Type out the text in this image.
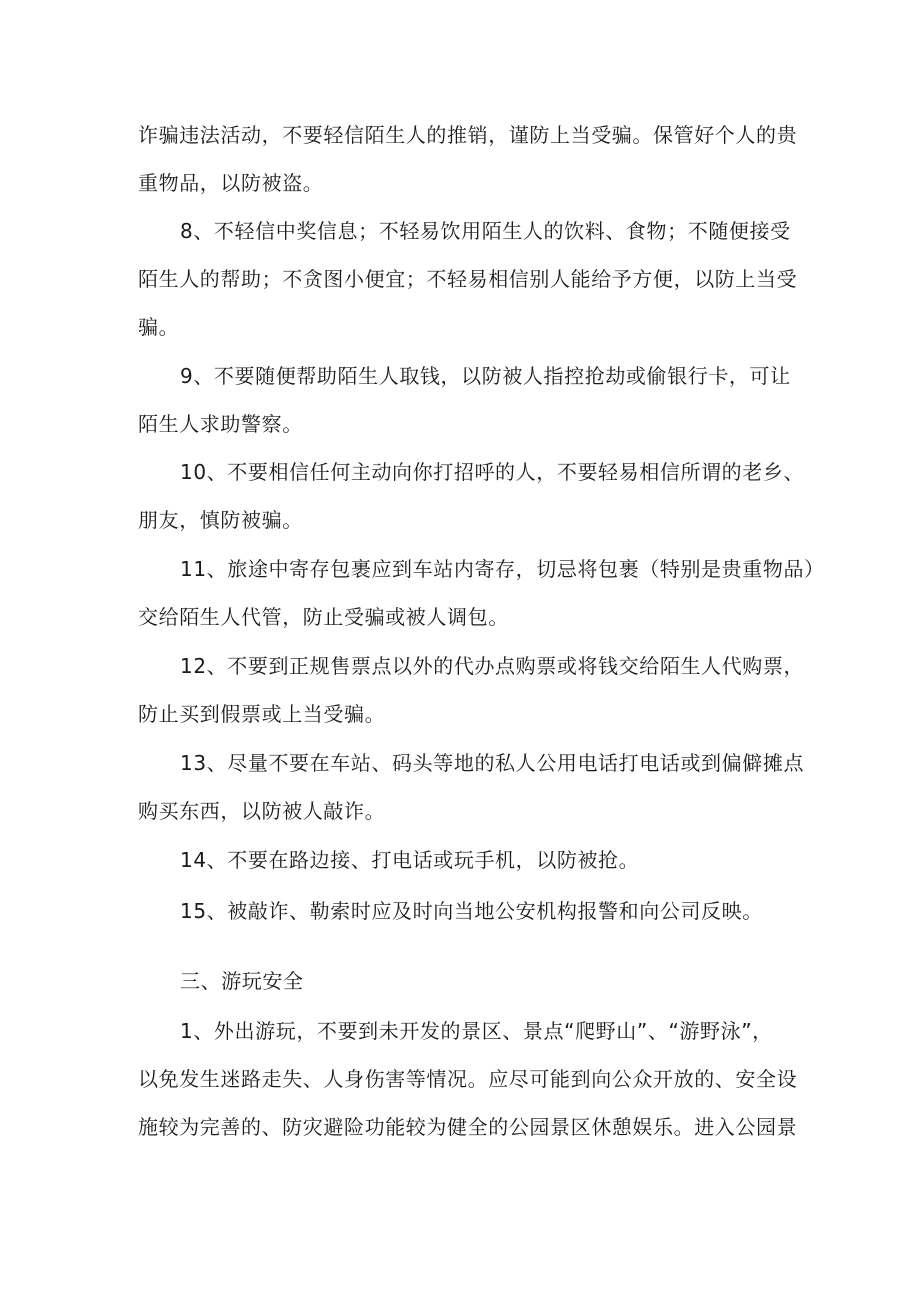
诈骗违法活动，不要轻信陌生人的推销，谨防上当受骗。保管好个人的贵
重物品，以防被盗。
8、不轻信中奖信息；不轻易饮用陌生人的饮料、食物；不随便接受
陌生人的帮助；不贪图小便宜；不轻易相信别人能给予方便，以防上当受
骗。
9、不要随便帮助陌生人取钱，以防被人指控抢劫或偷银行卡，可让
陌生人求助警察。
10、不要相信任何主动向你打招呼的人，不要轻易相信所谓的老乡、
朋友，慎防被骗。
11、旅途中寄存包裹应到车站内寄存，切忌将包裹（特别是贵重物品）
交给陌生人代管，防止受骗或被人调包。
12、不要到正规售票点以外的代办点购票或将钱交给陌生人代购票，
防止买到假票或上当受骗。
13、尽量不要在车站、码头等地的私人公用电话打电话或到偏僻摊点
购买东西，以防被人敲诈。
14、不要在路边接、打电话或玩手机，以防被抢。
15、被敲诈、勒索时应及时向当地公安机构报警和向公司反映。
三、游玩安全
1、外出游玩，不要到未开发的景区、景点“爬野山”、“游野泳”，
以免发生迷路走失、人身伤害等情况。应尽可能到向公众开放的、安全设
施较为完善的、防灾避险功能较为健全的公园景区休憩娱乐。进入公园景
